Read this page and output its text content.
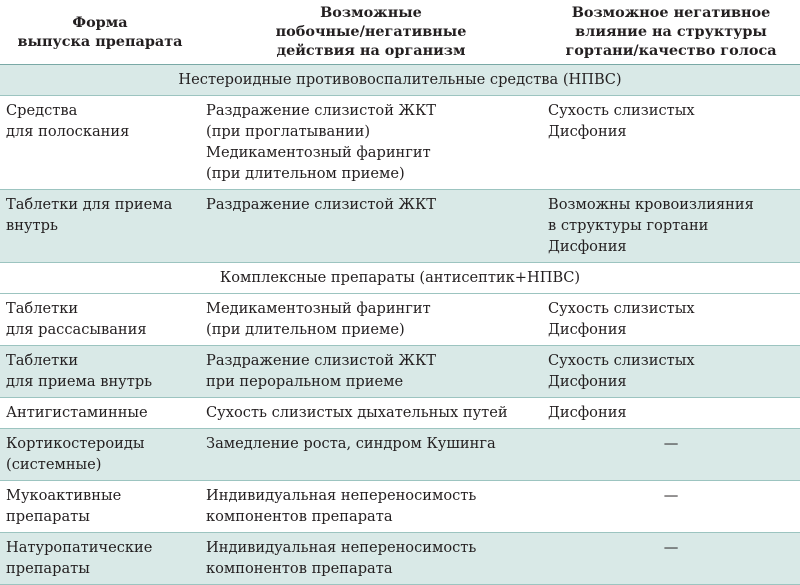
Форма
выпуска препарата	Возможные
побочные/негативные
действия на организм	Возможное негативное
влияние на структуры
гортани/качество голоса

Нестероидные противовоспалительные средства (НПВС)		

Средства
для полоскания	Раздражение слизистой ЖКТ
(при проглатывании)
Медикаментозный фарингит
(при длительном приеме)	Сухость слизистых
Дисфония

Таблетки для приема
внутрь	Раздражение слизистой ЖКТ	Возможны кровоизлияния
в структуры гортани
Дисфония

Комплексные препараты (антисептик+НПВС)		

Таблетки
для рассасывания	Медикаментозный фарингит
(при длительном приеме)	Сухость слизистых
Дисфония

Таблетки
для приема внутрь	Раздражение слизистой ЖКТ
при пероральном приеме	Сухость слизистых
Дисфония

Антигистаминные	Сухость слизистых дыхательных путей	Дисфония

Кортикостероиды
(системные)	Замедление роста, синдром Кушинга	—

Мукоактивные
препараты	Индивидуальная непереносимость
компонентов препарата	—

Натуропатические
препараты	Индивидуальная непереносимость
компонентов препарата	—
